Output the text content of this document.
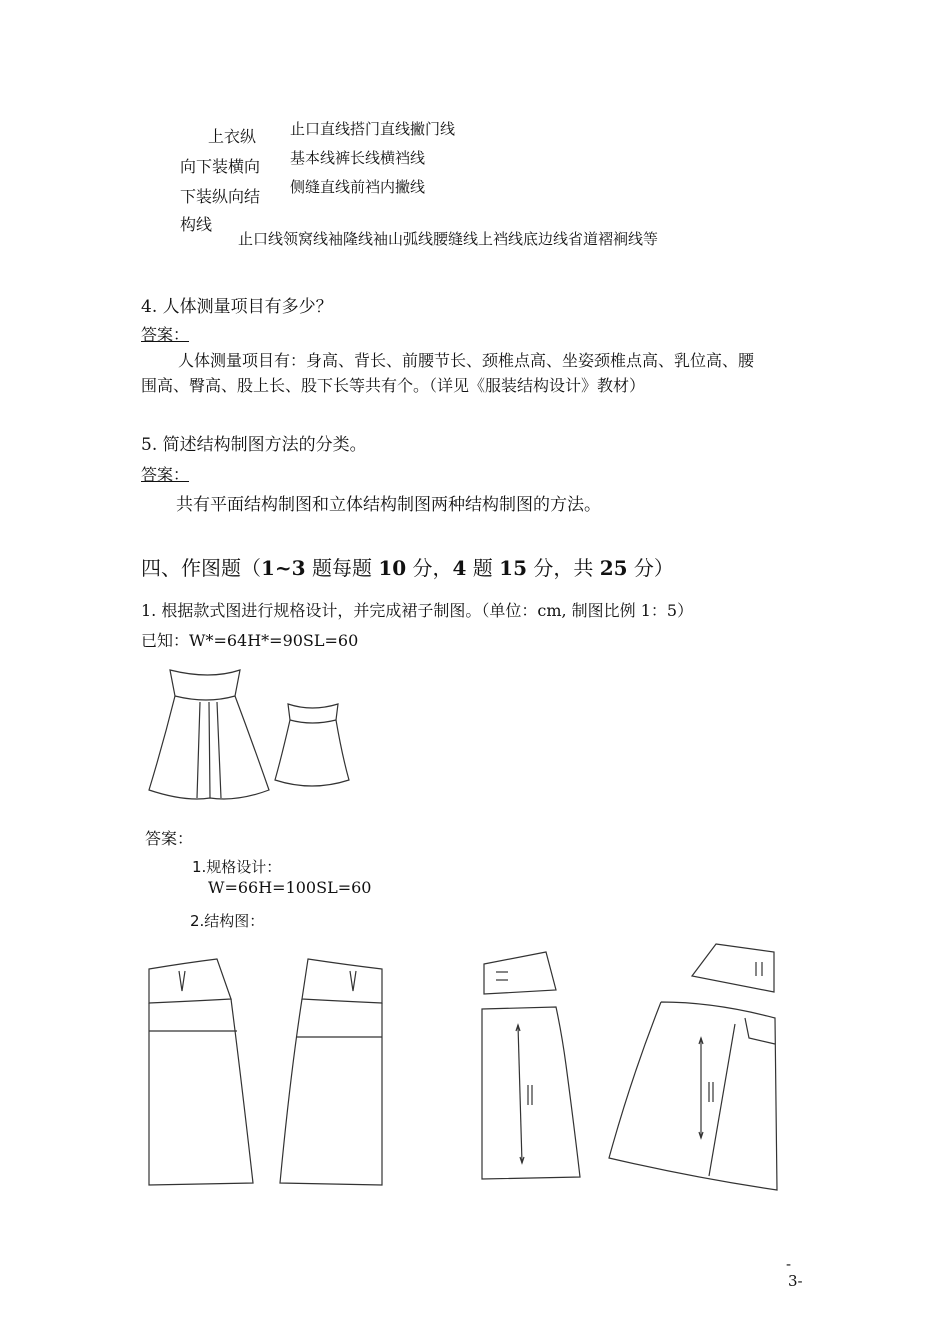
上衣纵
向下装横向
下装纵向结
构线
止口直线搭门直线撇门线
基本线裤长线横裆线
侧缝直线前裆内撇线
止口线领窝线袖隆线袖山弧线腰缝线上裆线底边线省道褶裥线等
4. 人体测量项目有多少？
答案：
人体测量项目有：身高、背长、前腰节长、颈椎点高、坐姿颈椎点高、乳位高、腰
围高、臀高、股上长、股下长等共有个。（详见《服装结构设计》教材）
5. 简述结构制图方法的分类。
答案：
共有平面结构制图和立体结构制图两种结构制图的方法。
四、作图题（1~3 题每题 10 分，4 题 15 分，共 25 分）
1. 根据款式图进行规格设计，并完成裙子制图。（单位：cm, 制图比例 1：5）
已知：W*=64H*=90SL=60
答案：
1.规格设计：
W=66H=100SL=60
2.结构图：
-
3-
